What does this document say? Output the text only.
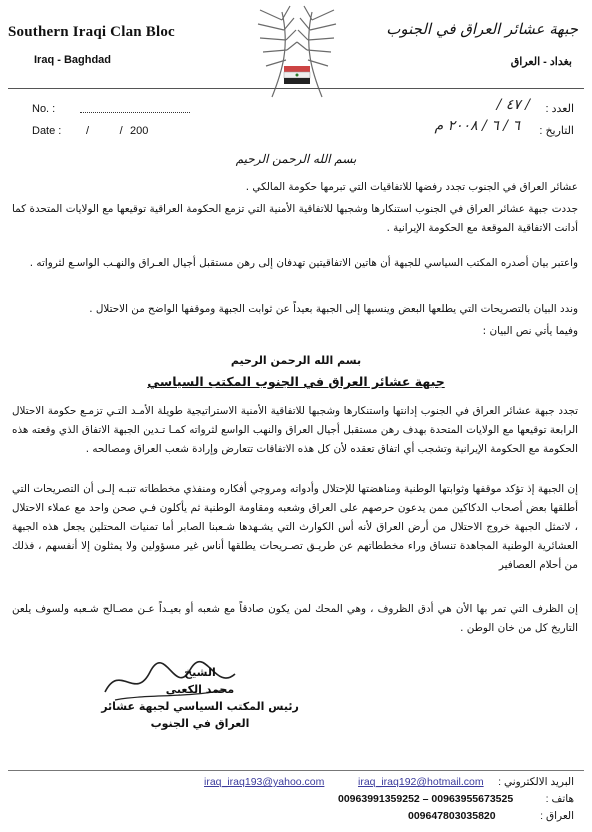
Southern Iraqi Clan Bloc
Iraq - Baghdad
جبهة عشائر العراق في الجنوب
بغداد - العراق
No. :
Date : /          / 200
العدد :
/ ٤٧ /
التاريخ :
٦ / ٦ / ٢٠٠٨ م
بسم الله الرحمن الرحيم
عشائر العراق في الجنوب تجدد رفضها للاتفاقيات التي تبرمها حكومة المالكي .
جددت جبهة عشائر العراق في الجنوب استنكارها وشجبها للاتفاقية الأمنية التي تزمع الحكومة العراقية توقيعها مع الولايات المتحدة كما أدانت الاتفاقية الموقعة مع الحكومة الإيرانية .
واعتبر بيان أصدره المكتب السياسي للجبهة أن هاتين الاتفاقيتين تهدفان إلى رهن مستقبل أجيال العـراق والنهـب الواسـع لثرواته .
وندد البيان بالتصريحات التي يطلعها البعض وينسبها إلى الجبهة بعيداً عن ثوابت الجبهة وموقفها الواضح من الاحتلال .
وفيما يأتي نص البيان :
بسم الله الرحمن الرحيم
جبهة عشائر العراق في الجنوب المكتب السياسي
تجدد جبهة عشائر العراق في الجنوب إدانتها واستنكارها وشجبها للاتفاقية الأمنية الاستراتيجية طويلة الأمـد التـي تزمـع حكومة الاحتلال الرابعة توقيعها مع الولايات المتحدة بهدف رهن مستقبل أجيال العراق والنهب الواسع لثرواته كمـا تـدين الجبهة الاتفاق الذي وقعته هذه الحكومة مع الحكومة الإيرانية وتشجب أي اتفاق تعقده لأن كل هذه الاتفاقات تتعارض وإرادة شعب العراق ومصالحه .
إن الجبهة إذ تؤكد موقفها وثوابتها الوطنية ومناهضتها للإحتلال وأدواته ومروجي أفكاره ومنفذي مخططاته تنبـه إلـى أن التصريحات التي أطلقها بعض أصحاب الدكاكين ممن يدعون حرصهم على العراق وشعبه ومقاومة الوطنية ثم يأكلون فـي صحن واحد مع عملاء الاحتلال ، لاتمثل الجبهة خروج الاحتلال من أرض العراق لأنه أس الكوارث التي يشـهدها شـعبنا الصابر أما تمنيات المحتلين يجعل هذه الجبهة العشائرية الوطنية المجاهدة تنساق وراء مخططاتهم عن طريـق تصـريحات يطلقها أناس غير مسؤولين ولا يمثلون إلا أنفسهم ، فذلك من أحلام العصافير
إن الظرف التي تمر بها الأن هي أدق الظروف ، وهي المحك لمن يكون صادقاً مع شعبه أو بعيـداً عـن مصـالح شـعبه ولسوف يلعن التاريخ كل من خان الوطن .
الشيخ
محمد الكعبي
رئيس المكتب السياسي لجبهة عشائر
العراق في الجنوب
البريد الالكتروني :
iraq_iraq192@hotmail.com
iraq_iraq193@yahoo.com
هاتف :
00963991359252 – 00963955673525
العراق :
009647803035820
